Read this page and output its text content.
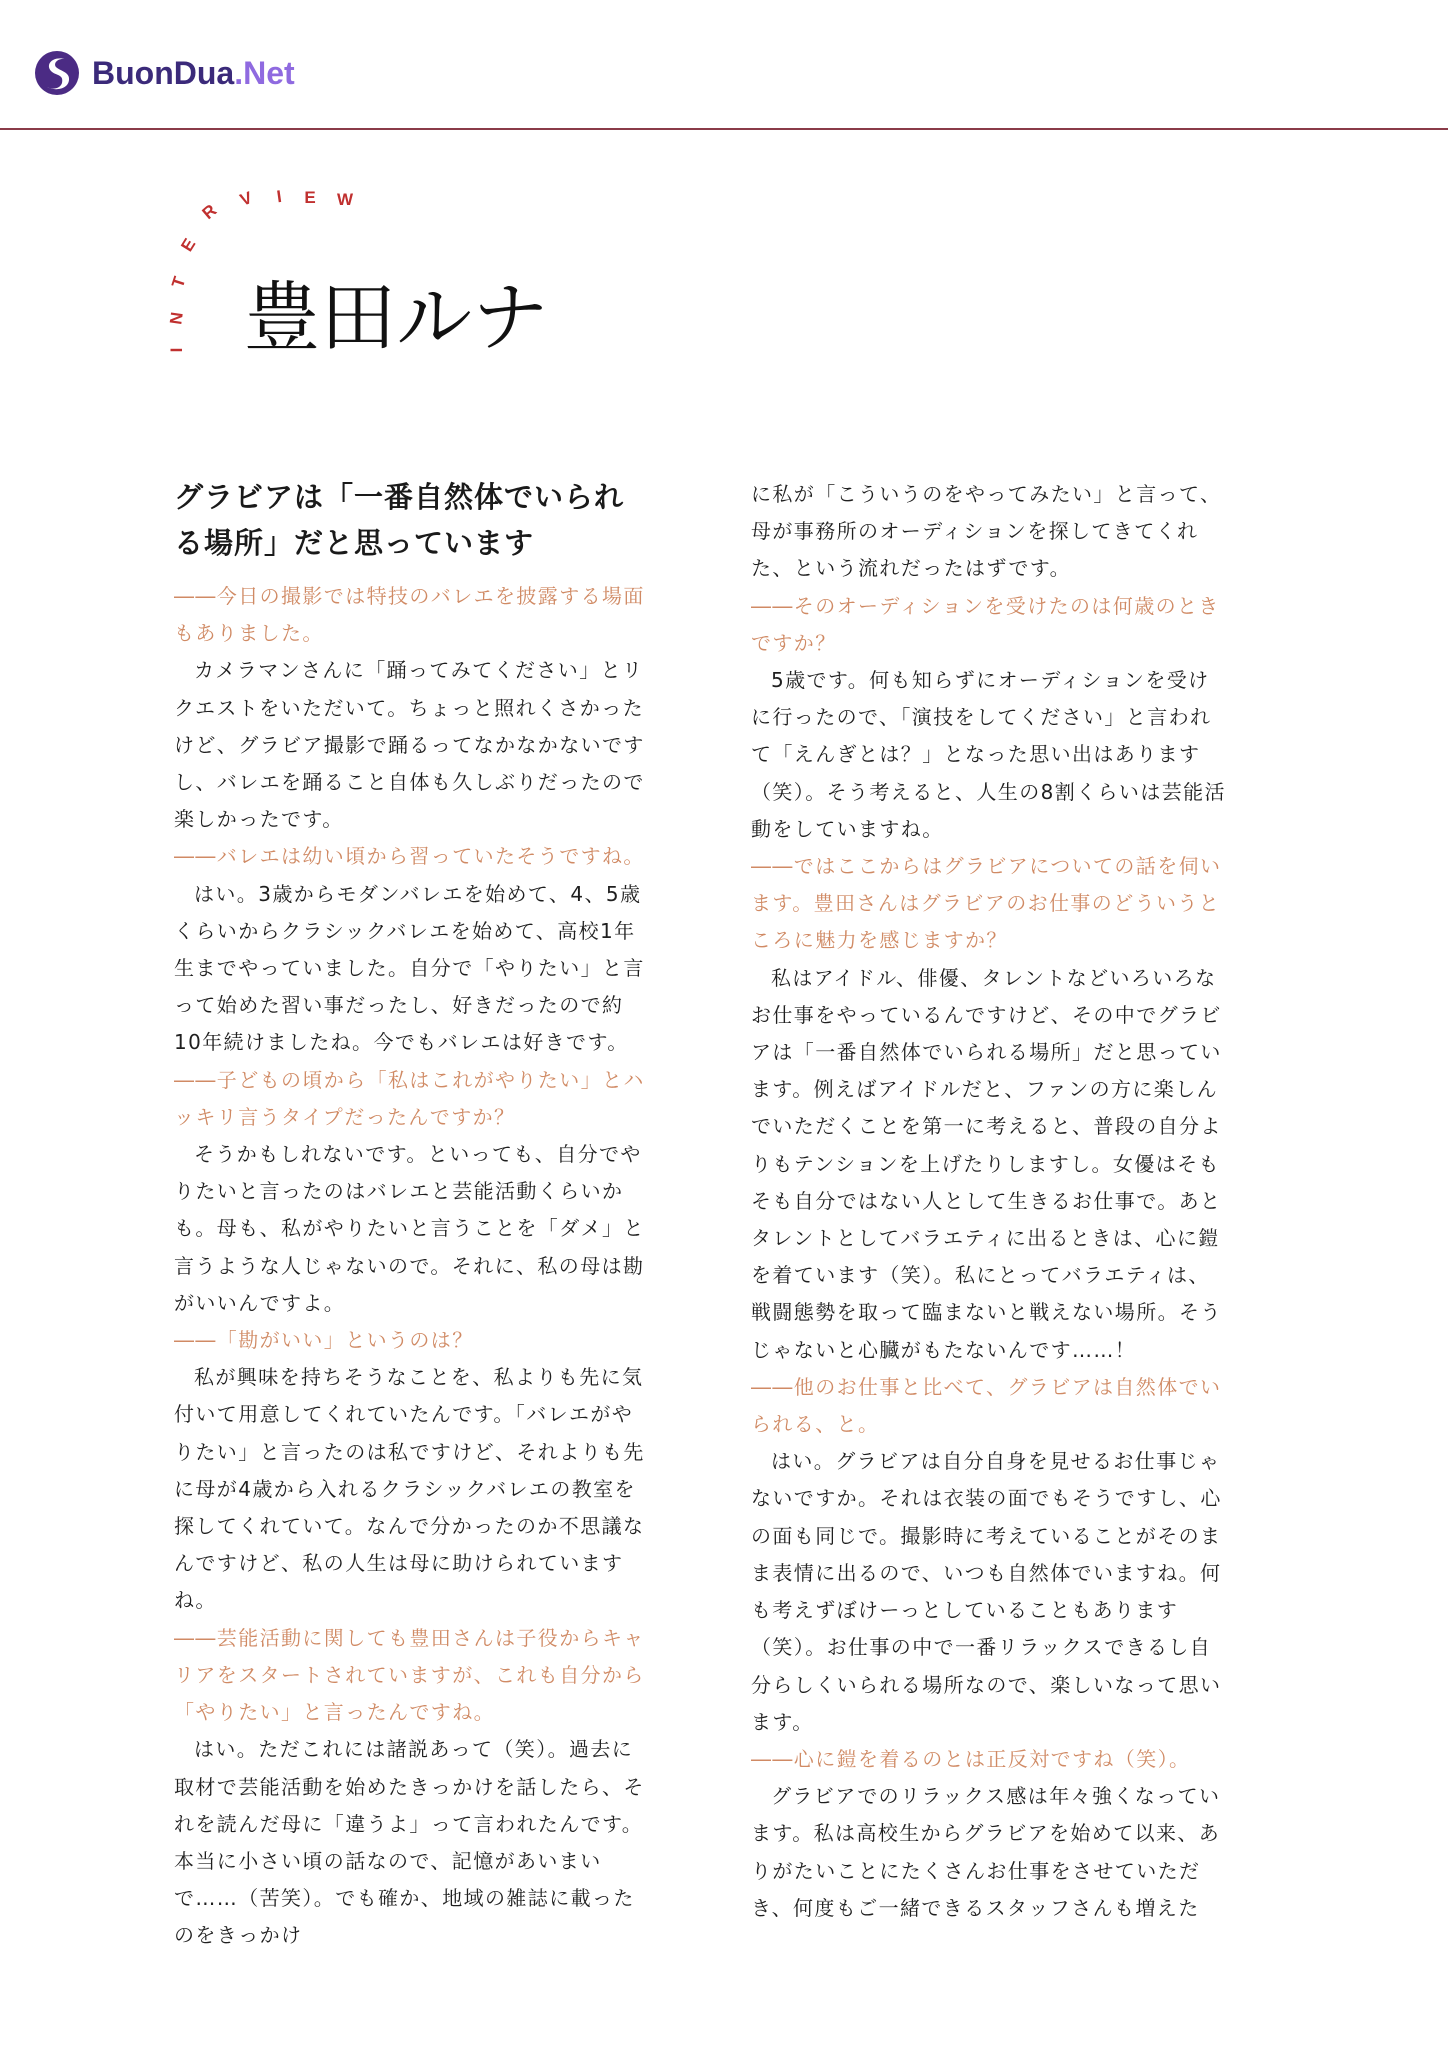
BuonDua.Net
I
N
T
E
R
V I E W
豊田ルナ
グラビアは「一番自然体でいられる場所」だと思っています

――今日の撮影では特技のバレエを披露する場面もありました。

カメラマンさんに「踊ってみてください」とリクエストをいただいて。ちょっと照れくさかったけど、グラビア撮影で踊るってなかなかないですし、バレエを踊ること自体も久しぶりだったので楽しかったです。

――バレエは幼い頃から習っていたそうですね。

はい。3歳からモダンバレエを始めて、4、5歳くらいからクラシックバレエを始めて、高校1年生までやっていました。自分で「やりたい」と言って始めた習い事だったし、好きだったので約10年続けましたね。今でもバレエは好きです。

――子どもの頃から「私はこれがやりたい」とハッキリ言うタイプだったんですか？

そうかもしれないです。といっても、自分でやりたいと言ったのはバレエと芸能活動くらいかも。母も、私がやりたいと言うことを「ダメ」と言うような人じゃないので。それに、私の母は勘がいいんですよ。

――「勘がいい」というのは？

私が興味を持ちそうなことを、私よりも先に気付いて用意してくれていたんです。「バレエがやりたい」と言ったのは私ですけど、それよりも先に母が4歳から入れるクラシックバレエの教室を探してくれていて。なんで分かったのか不思議なんですけど、私の人生は母に助けられていますね。

――芸能活動に関しても豊田さんは子役からキャリアをスタートされていますが、これも自分から「やりたい」と言ったんですね。

はい。ただこれには諸説あって（笑）。過去に取材で芸能活動を始めたきっかけを話したら、それを読んだ母に「違うよ」って言われたんです。本当に小さい頃の話なので、記憶があいまいで……（苦笑）。でも確か、地域の雑誌に載ったのをきっかけ

に私が「こういうのをやってみたい」と言って、母が事務所のオーディションを探してきてくれた、という流れだったはずです。

――そのオーディションを受けたのは何歳のときですか？

5歳です。何も知らずにオーディションを受けに行ったので、「演技をしてください」と言われて「えんぎとは？」となった思い出はあります（笑）。そう考えると、人生の8割くらいは芸能活動をしていますね。

――ではここからはグラビアについての話を伺います。豊田さんはグラビアのお仕事のどういうところに魅力を感じますか？

私はアイドル、俳優、タレントなどいろいろなお仕事をやっているんですけど、その中でグラビアは「一番自然体でいられる場所」だと思っています。例えばアイドルだと、ファンの方に楽しんでいただくことを第一に考えると、普段の自分よりもテンションを上げたりしますし。女優はそもそも自分ではない人として生きるお仕事で。あとタレントとしてバラエティに出るときは、心に鎧を着ています（笑）。私にとってバラエティは、戦闘態勢を取って臨まないと戦えない場所。そうじゃないと心臓がもたないんです……！

――他のお仕事と比べて、グラビアは自然体でいられる、と。

はい。グラビアは自分自身を見せるお仕事じゃないですか。それは衣装の面でもそうですし、心の面も同じで。撮影時に考えていることがそのまま表情に出るので、いつも自然体でいますね。何も考えずぼけーっとしていることもあります（笑）。お仕事の中で一番リラックスできるし自分らしくいられる場所なので、楽しいなって思います。

――心に鎧を着るのとは正反対ですね（笑）。

グラビアでのリラックス感は年々強くなっています。私は高校生からグラビアを始めて以来、ありがたいことにたくさんお仕事をさせていただき、何度もご一緒できるスタッフさんも増えた
